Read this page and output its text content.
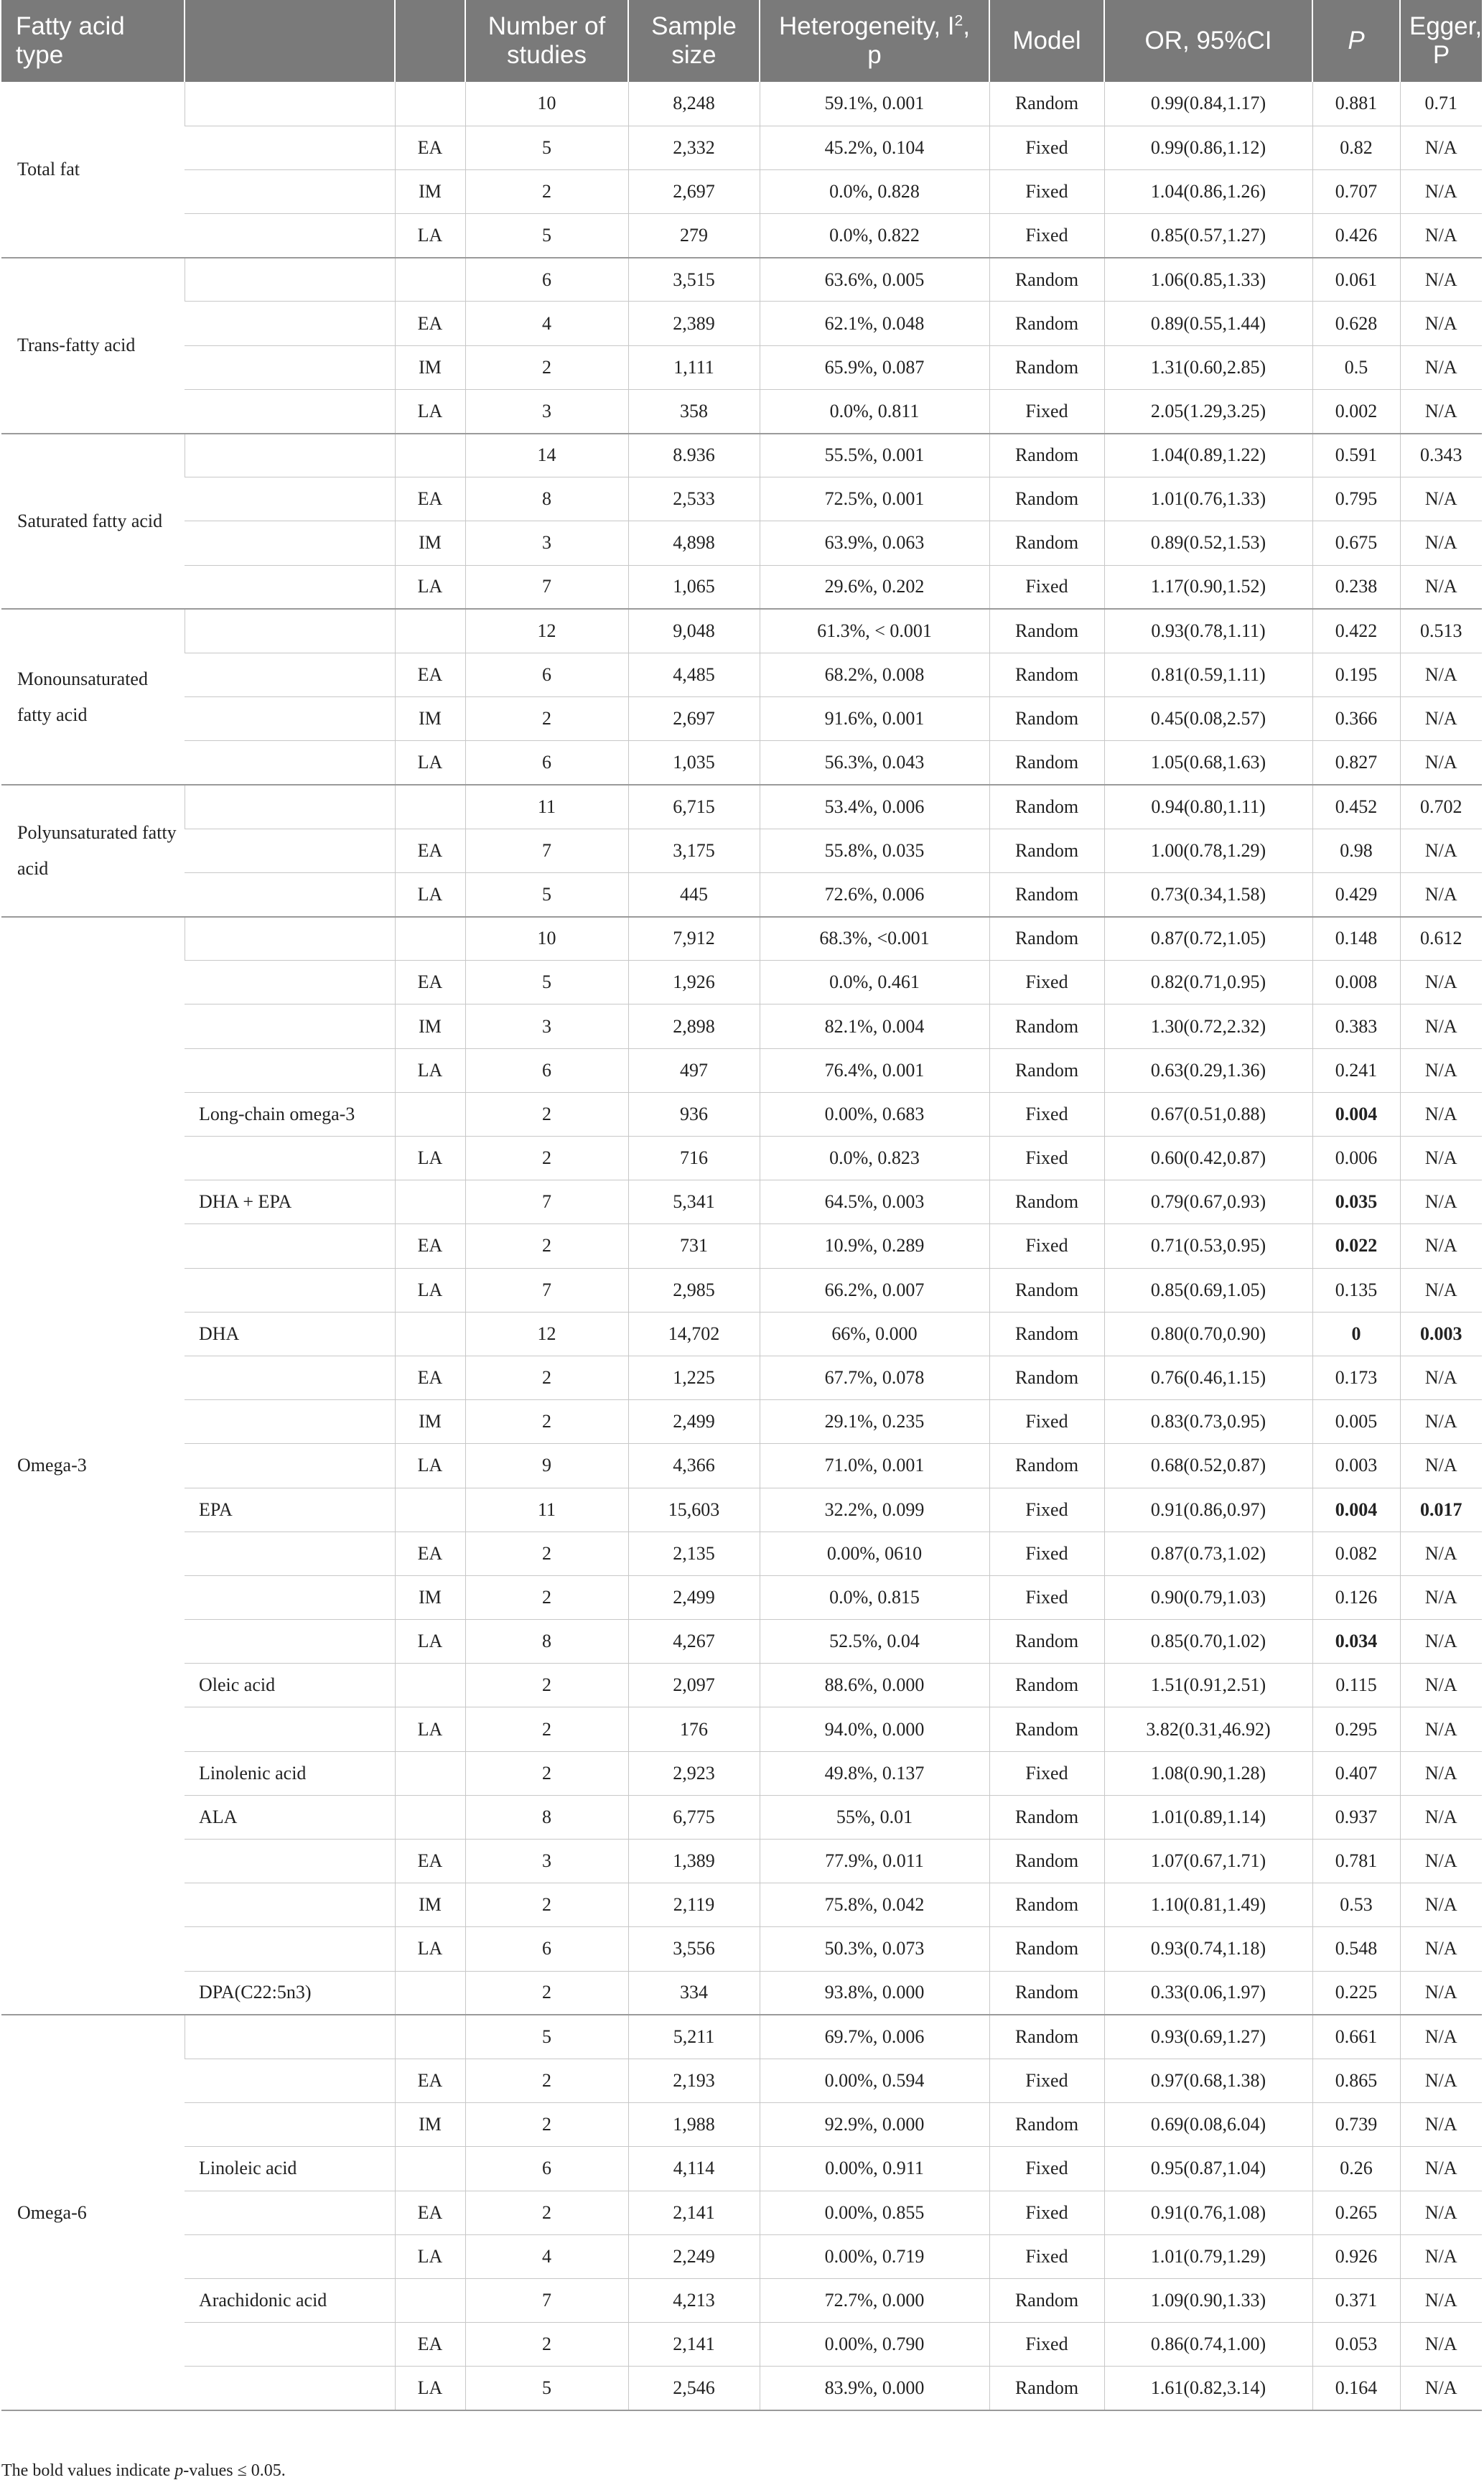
Fatty acid type			Number of studies	Sample size	Heterogeneity, $I^2$, p	Model	OR, 95%CI	P	Egger, P
Total fat			10	8,248	59.1%, 0.001	Random	0.99(0.84,1.17)	0.881	0.71
		EA	5	2,332	45.2%, 0.104	Fixed	0.99(0.86,1.12)	0.82	N/A
		IM	2	2,697	0.0%, 0.828	Fixed	1.04(0.86,1.26)	0.707	N/A
		LA	5	279	0.0%, 0.822	Fixed	0.85(0.57,1.27)	0.426	N/A
Trans-fatty acid			6	3,515	63.6%, 0.005	Random	1.06(0.85,1.33)	0.061	N/A
		EA	4	2,389	62.1%, 0.048	Random	0.89(0.55,1.44)	0.628	N/A
		IM	2	1,111	65.9%, 0.087	Random	1.31(0.60,2.85)	0.5	N/A
		LA	3	358	0.0%, 0.811	Fixed	2.05(1.29,3.25)	0.002	N/A
Saturated fatty acid			14	8.936	55.5%, 0.001	Random	1.04(0.89,1.22)	0.591	0.343
		EA	8	2,533	72.5%, 0.001	Random	1.01(0.76,1.33)	0.795	N/A
		IM	3	4,898	63.9%, 0.063	Random	0.89(0.52,1.53)	0.675	N/A
		LA	7	1,065	29.6%, 0.202	Fixed	1.17(0.90,1.52)	0.238	N/A
Monounsaturated fatty acid			12	9,048	61.3%, < 0.001	Random	0.93(0.78,1.11)	0.422	0.513
		EA	6	4,485	68.2%, 0.008	Random	0.81(0.59,1.11)	0.195	N/A
		IM	2	2,697	91.6%, 0.001	Random	0.45(0.08,2.57)	0.366	N/A
		LA	6	1,035	56.3%, 0.043	Random	1.05(0.68,1.63)	0.827	N/A
Polyunsaturated fatty acid			11	6,715	53.4%, 0.006	Random	0.94(0.80,1.11)	0.452	0.702
		EA	7	3,175	55.8%, 0.035	Random	1.00(0.78,1.29)	0.98	N/A
		LA	5	445	72.6%, 0.006	Random	0.73(0.34,1.58)	0.429	N/A
Omega-3			10	7,912	68.3%, <0.001	Random	0.87(0.72,1.05)	0.148	0.612
		EA	5	1,926	0.0%, 0.461	Fixed	0.82(0.71,0.95)	0.008	N/A
		IM	3	2,898	82.1%, 0.004	Random	1.30(0.72,2.32)	0.383	N/A
		LA	6	497	76.4%, 0.001	Random	0.63(0.29,1.36)	0.241	N/A
	Long-chain omega-3		2	936	0.00%, 0.683	Fixed	0.67(0.51,0.88)	0.004	N/A
		LA	2	716	0.0%, 0.823	Fixed	0.60(0.42,0.87)	0.006	N/A
	DHA + EPA		7	5,341	64.5%, 0.003	Random	0.79(0.67,0.93)	0.035	N/A
		EA	2	731	10.9%, 0.289	Fixed	0.71(0.53,0.95)	0.022	N/A
		LA	7	2,985	66.2%, 0.007	Random	0.85(0.69,1.05)	0.135	N/A
	DHA		12	14,702	66%, 0.000	Random	0.80(0.70,0.90)	0	0.003
		EA	2	1,225	67.7%, 0.078	Random	0.76(0.46,1.15)	0.173	N/A
		IM	2	2,499	29.1%, 0.235	Fixed	0.83(0.73,0.95)	0.005	N/A
		LA	9	4,366	71.0%, 0.001	Random	0.68(0.52,0.87)	0.003	N/A
	EPA		11	15,603	32.2%, 0.099	Fixed	0.91(0.86,0.97)	0.004	0.017
		EA	2	2,135	0.00%, 0610	Fixed	0.87(0.73,1.02)	0.082	N/A
		IM	2	2,499	0.0%, 0.815	Fixed	0.90(0.79,1.03)	0.126	N/A
		LA	8	4,267	52.5%, 0.04	Random	0.85(0.70,1.02)	0.034	N/A
	Oleic acid		2	2,097	88.6%, 0.000	Random	1.51(0.91,2.51)	0.115	N/A
		LA	2	176	94.0%, 0.000	Random	3.82(0.31,46.92)	0.295	N/A
	Linolenic acid		2	2,923	49.8%, 0.137	Fixed	1.08(0.90,1.28)	0.407	N/A
	ALA		8	6,775	55%, 0.01	Random	1.01(0.89,1.14)	0.937	N/A
		EA	3	1,389	77.9%, 0.011	Random	1.07(0.67,1.71)	0.781	N/A
		IM	2	2,119	75.8%, 0.042	Random	1.10(0.81,1.49)	0.53	N/A
		LA	6	3,556	50.3%, 0.073	Random	0.93(0.74,1.18)	0.548	N/A
	DPA(C22:5n3)		2	334	93.8%, 0.000	Random	0.33(0.06,1.97)	0.225	N/A
Omega-6			5	5,211	69.7%, 0.006	Random	0.93(0.69,1.27)	0.661	N/A
		EA	2	2,193	0.00%, 0.594	Fixed	0.97(0.68,1.38)	0.865	N/A
		IM	2	1,988	92.9%, 0.000	Random	0.69(0.08,6.04)	0.739	N/A
	Linoleic acid		6	4,114	0.00%, 0.911	Fixed	0.95(0.87,1.04)	0.26	N/A
		EA	2	2,141	0.00%, 0.855	Fixed	0.91(0.76,1.08)	0.265	N/A
		LA	4	2,249	0.00%, 0.719	Fixed	1.01(0.79,1.29)	0.926	N/A
	Arachidonic acid		7	4,213	72.7%, 0.000	Random	1.09(0.90,1.33)	0.371	N/A
		EA	2	2,141	0.00%, 0.790	Fixed	0.86(0.74,1.00)	0.053	N/A
		LA	5	2,546	83.9%, 0.000	Random	1.61(0.82,3.14)	0.164	N/A
The bold values indicate p-values ≤ 0.05.
